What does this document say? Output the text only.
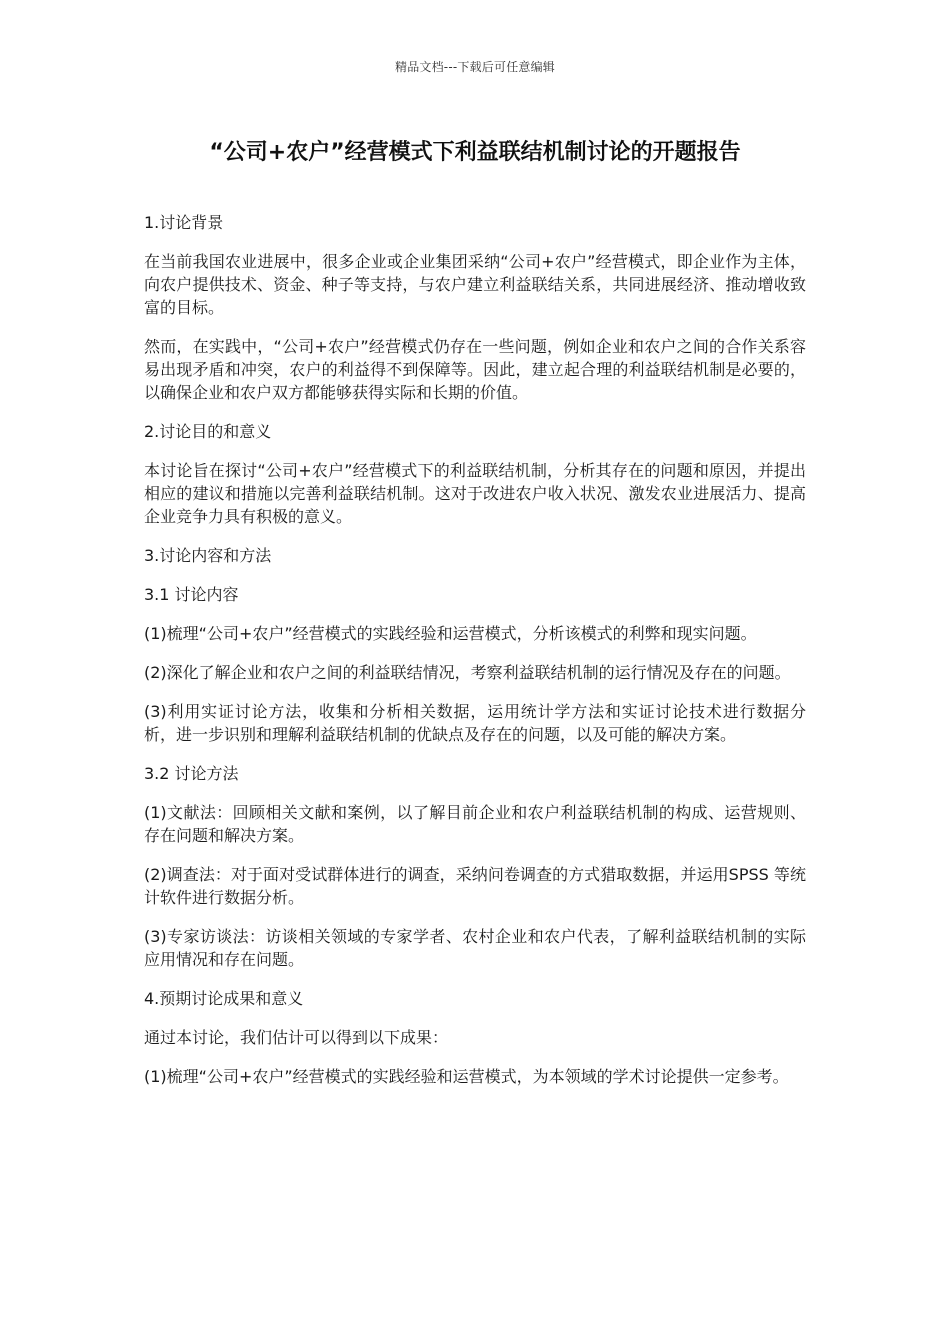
精品文档---下载后可任意编辑
“公司+农户”经营模式下利益联结机制讨论的开题报告

1.讨论背景

在当前我国农业进展中，很多企业或企业集团采纳“公司+农户”经营模式，即企业作为主体，向农户提供技术、资金、种子等支持，与农户建立利益联结关系，共同进展经济、推动增收致富的目标。

然而，在实践中，“公司+农户”经营模式仍存在一些问题，例如企业和农户之间的合作关系容易出现矛盾和冲突，农户的利益得不到保障等。因此，建立起合理的利益联结机制是必要的，以确保企业和农户双方都能够获得实际和长期的价值。

2.讨论目的和意义

本讨论旨在探讨“公司+农户”经营模式下的利益联结机制，分析其存在的问题和原因，并提出相应的建议和措施以完善利益联结机制。这对于改进农户收入状况、激发农业进展活力、提高企业竞争力具有积极的意义。

3.讨论内容和方法

3.1 讨论内容

(1)梳理“公司+农户”经营模式的实践经验和运营模式，分析该模式的利弊和现实问题。

(2)深化了解企业和农户之间的利益联结情况，考察利益联结机制的运行情况及存在的问题。

(3)利用实证讨论方法，收集和分析相关数据，运用统计学方法和实证讨论技术进行数据分析，进一步识别和理解利益联结机制的优缺点及存在的问题，以及可能的解决方案。

3.2 讨论方法

(1)文献法：回顾相关文献和案例，以了解目前企业和农户利益联结机制的构成、运营规则、存在问题和解决方案。

(2)调查法：对于面对受试群体进行的调查，采纳问卷调查的方式猎取数据，并运用SPSS 等统计软件进行数据分析。

(3)专家访谈法：访谈相关领域的专家学者、农村企业和农户代表，了解利益联结机制的实际应用情况和存在问题。

4.预期讨论成果和意义

通过本讨论，我们估计可以得到以下成果：

(1)梳理“公司+农户”经营模式的实践经验和运营模式，为本领域的学术讨论提供一定参考。
